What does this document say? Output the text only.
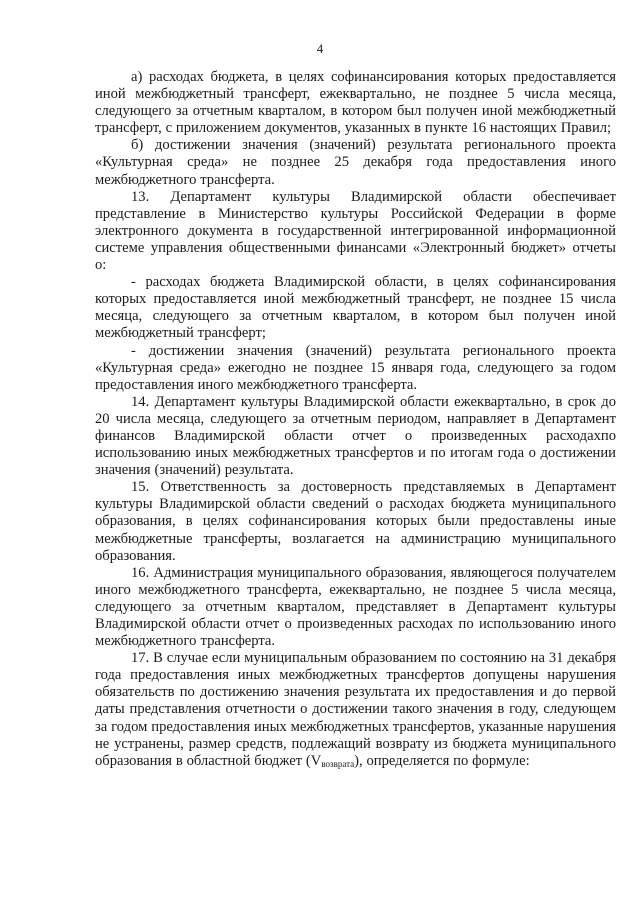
4

а) расходах бюджета, в целях софинансирования которых предоставляется иной межбюджетный трансферт, ежеквартально, не позднее 5 числа месяца, следующего за отчетным кварталом, в котором был получен иной межбюджетный трансферт, с приложением документов, указанных в пункте 16 настоящих Правил;

б) достижении значения (значений) результата регионального проекта «Культурная среда» не позднее 25 декабря года предоставления иного межбюджетного трансферта.

13. Департамент культуры Владимирской области обеспечивает представление в Министерство культуры Российской Федерации в форме электронного документа в государственной интегрированной информационной системе управления общественными финансами «Электронный бюджет» отчеты о:

- расходах бюджета Владимирской области, в целях софинансирования которых предоставляется иной межбюджетный трансферт, не позднее 15 числа месяца, следующего за отчетным кварталом, в котором был получен иной межбюджетный трансферт;

- достижении значения (значений) результата регионального проекта «Культурная среда» ежегодно не позднее 15 января года, следующего за годом предоставления иного межбюджетного трансферта.

14. Департамент культуры Владимирской области ежеквартально, в срок до 20 числа месяца, следующего за отчетным периодом, направляет в Департамент финансов Владимирской области отчет о произведенных расходахпо использованию иных межбюджетных трансфертов и по итогам года о достижении значения (значений) результата.

15. Ответственность за достоверность представляемых в Департамент культуры Владимирской области сведений о расходах бюджета муниципального образования, в целях софинансирования которых были предоставлены иные межбюджетные трансферты, возлагается на администрацию муниципального образования.

16. Администрация муниципального образования, являющегося получателем иного межбюджетного трансферта, ежеквартально, не позднее 5 числа месяца, следующего за отчетным кварталом, представляет в Департамент культуры Владимирской области отчет о произведенных расходах по использованию иного межбюджетного трансферта.

17. В случае если муниципальным образованием по состоянию на 31 декабря года предоставления иных межбюджетных трансфертов допущены нарушения обязательств по достижению значения результата их предоставления и до первой даты представления отчетности о достижении такого значения в году, следующем за годом предоставления иных межбюджетных трансфертов, указанные нарушения не устранены, размер средств, подлежащий возврату из бюджета муниципального образования в областной бюджет $(V_{возврата})$, определяется по формуле:
